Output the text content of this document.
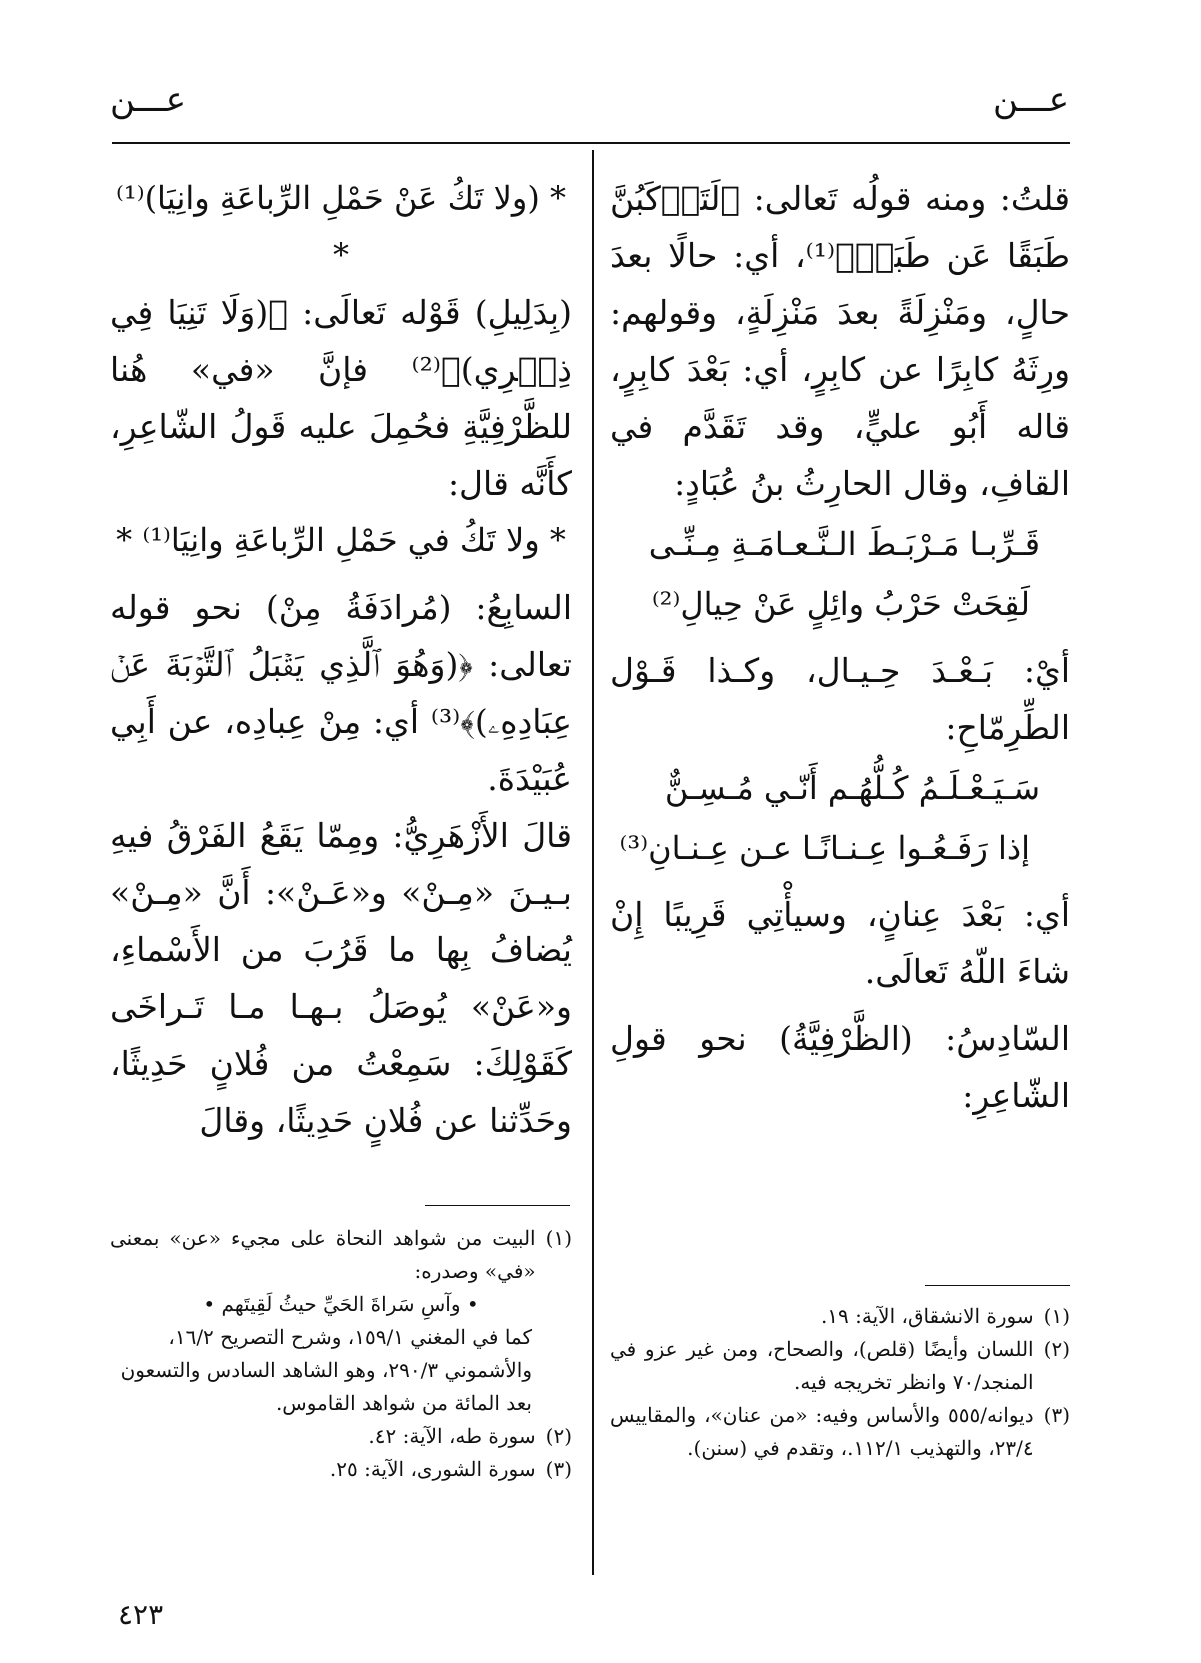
عـــن
عـــن

قلتُ: ومنه قولُه تَعالى: ﴿لَتَرۡكَبُنَّ طَبَقًا عَن طَبَقٖ﴾⁽¹⁾، أي: حالًا بعدَ حالٍ، ومَنْزِلَةً بعدَ مَنْزِلَةٍ، وقولهم: ورِثَهُ كابِرًا عن كابِرٍ، أي: بَعْدَ كابِرٍ، قاله أَبُو عليٍّ، وقد تَقَدَّم في القافِ، وقال الحارِثُ بنُ عُبَادٍ:

قَـرِّبـا مَـرْبَـطَ الـنَّـعـامَـةِ مِـنِّـى

لَقِحَتْ حَرْبُ وائِلٍ عَنْ حِيالِ⁽²⁾

أيْ: بَـعْـدَ حِـيـال، وكـذا قَـوْل الطِّرِمّاحِ:

سَـيَـعْـلَـمُ كُـلُّهُـم أَنّـي مُـسِـنٌّ

إذا رَفَـعُـوا عِـنـانًـا عـن عِـنـانِ⁽³⁾

أي: بَعْدَ عِنانٍ، وسيأْتِي قَرِيبًا إِنْ شاءَ اللّهُ تَعالَى.

السّادِسُ: (الظَّرْفِيَّةُ) نحو قولِ الشّاعِرِ:

* (ولا تَكُ عَنْ حَمْلِ الرِّباعَةِ وانِيَا)⁽¹⁾ *

(بِدَلِيلِ) قَوْله تَعالَى: ﴿(وَلَا تَنِيَا فِي ذِكۡرِي)﴾⁽²⁾ فإنَّ «في» هُنا للظَّرْفِيَّةِ فحُمِلَ عليه قَولُ الشّاعِرِ، كأَنَّه قال:

* ولا تَكُ في حَمْلِ الرِّباعَةِ وانِيَا⁽¹⁾ *

السابِعُ: (مُرادَفَةُ مِنْ) نحو قوله تعالى: ﴿(وَهُوَ ٱلَّذِي يَقۡبَلُ ٱلتَّوۡبَةَ عَنۡ عِبَادِهِۦ)﴾⁽³⁾ أي: مِنْ عِبادِه، عن أَبِي عُبَيْدَةَ.

قالَ الأَزْهَرِيُّ: ومِمّا يَقَعُ الفَرْقُ فيهِ بـيـنَ «مِـنْ» و«عَـنْ»: أَنَّ «مِـنْ» يُضافُ بِها ما قَرُبَ من الأَسْماءِ، و«عَنْ» يُوصَلُ بـهـا مـا تَـراخَى كَقَوْلِكَ: سَمِعْتُ من فُلانٍ حَدِيثًا، وحَدِّثنا عن فُلانٍ حَدِيثًا، وقالَ

(١)
سورة الانشقاق، الآية: ١٩.
(٢)
اللسان وأيضًا (قلص)، والصحاح، ومن غير عزو في المنجد/٧٠ وانظر تخريجه فيه.
(٣)
ديوانه/٥٥٥ والأساس وفيه: «من عنان»، والمقاييس ٢٣/٤، والتهذيب ١١٢/١.، وتقدم في (سنن).
(١)
البيت من شواهد النحاة على مجيء «عن» بمعنى «في» وصدره:

• وآسِ سَراةَ الحَيِّ حيثُ لَقِيتَهم •

كما في المغني ١٥٩/١، وشرح التصريح ١٦/٢، والأشموني ٢٩٠/٣، وهو الشاهد السادس والتسعون بعد المائة من شواهد القاموس.

(٢)
سورة طه، الآية: ٤٢.
(٣)
سورة الشورى، الآية: ٢٥.
٤٢٣
